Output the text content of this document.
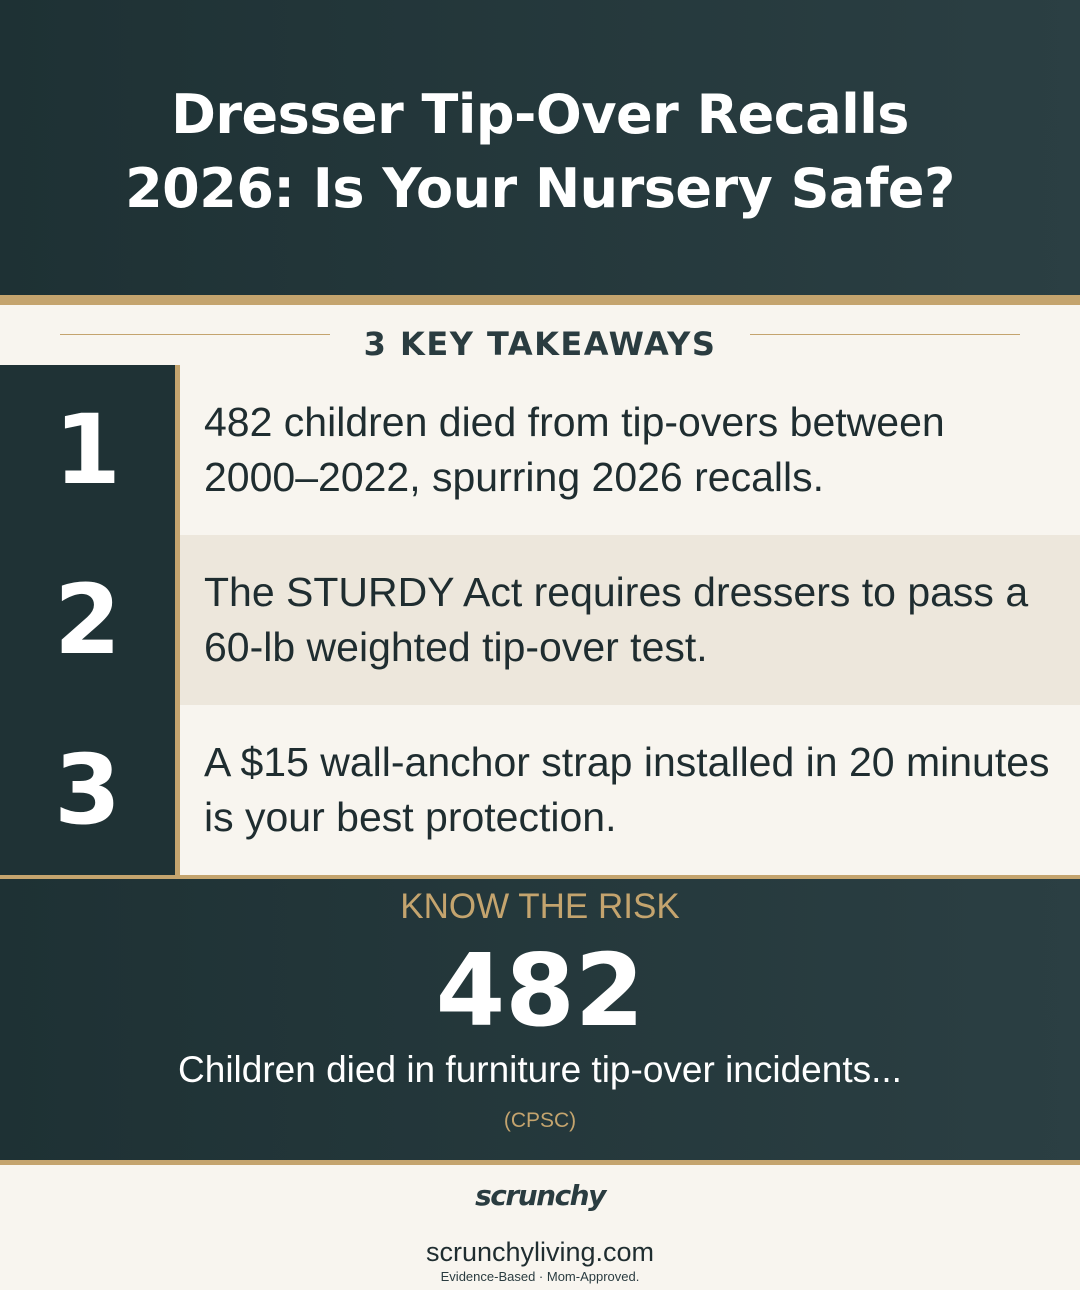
Dresser Tip-Over Recalls
2026: Is Your Nursery Safe?
3 KEY TAKEAWAYS
1	482 children died from tip-overs between 2000–2022, spurring 2026 recalls.
2	The STURDY Act requires dressers to pass a 60-lb weighted tip-over test.
3	A $15 wall-anchor strap installed in 20 minutes is your best protection.
KNOW THE RISK
482
Children died in furniture tip-over incidents...
(CPSC)
scrunchy
scrunchyliving.com
Evidence-Based · Mom-Approved.
